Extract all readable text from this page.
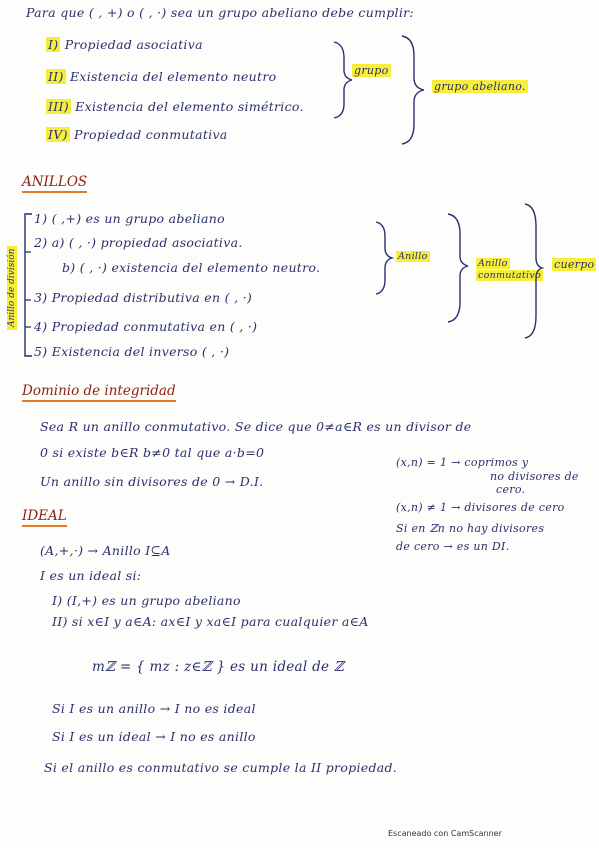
Para que ( , +) o ( , ·) sea un grupo abeliano debe cumplir:
I) Propiedad asociativa
II) Existencia del elemento neutro
III) Existencia del elemento simétrico.
IV) Propiedad conmutativa
grupo
grupo abeliano.
ANILLOS
1) ( ,+) es un grupo abeliano
2) a) ( , ·) propiedad asociativa.
b) ( , ·) existencia del elemento neutro.
3) Propiedad distributiva en ( , ·)
4) Propiedad conmutativa en ( , ·)
5) Existencia del inverso ( , ·)
Anillo de división	Anillo
Anillo
conmutativo
cuerpo
Dominio de integridad
Sea R un anillo conmutativo. Se dice que 0≠a∈R es un divisor de
0 si existe b∈R b≠0 tal que a·b=0
Un anillo sin divisores de 0 → D.I.
(x,n) = 1 → coprimos y
no divisores de
cero.
(x,n) ≠ 1 → divisores de cero
Si en ℤn no hay divisores
de cero → es un DI.
IDEAL
(A,+,·) → Anillo I⊆A
I es un ideal si:
I) (I,+) es un grupo abeliano
II) si x∈I y a∈A: ax∈I y xa∈I para cualquier a∈A
mℤ = { mz : z∈ℤ } es un ideal de ℤ
Si I es un anillo → I no es ideal
Si I es un ideal → I no es anillo
Si el anillo es conmutativo se cumple la II propiedad.
Escaneado con CamScanner
